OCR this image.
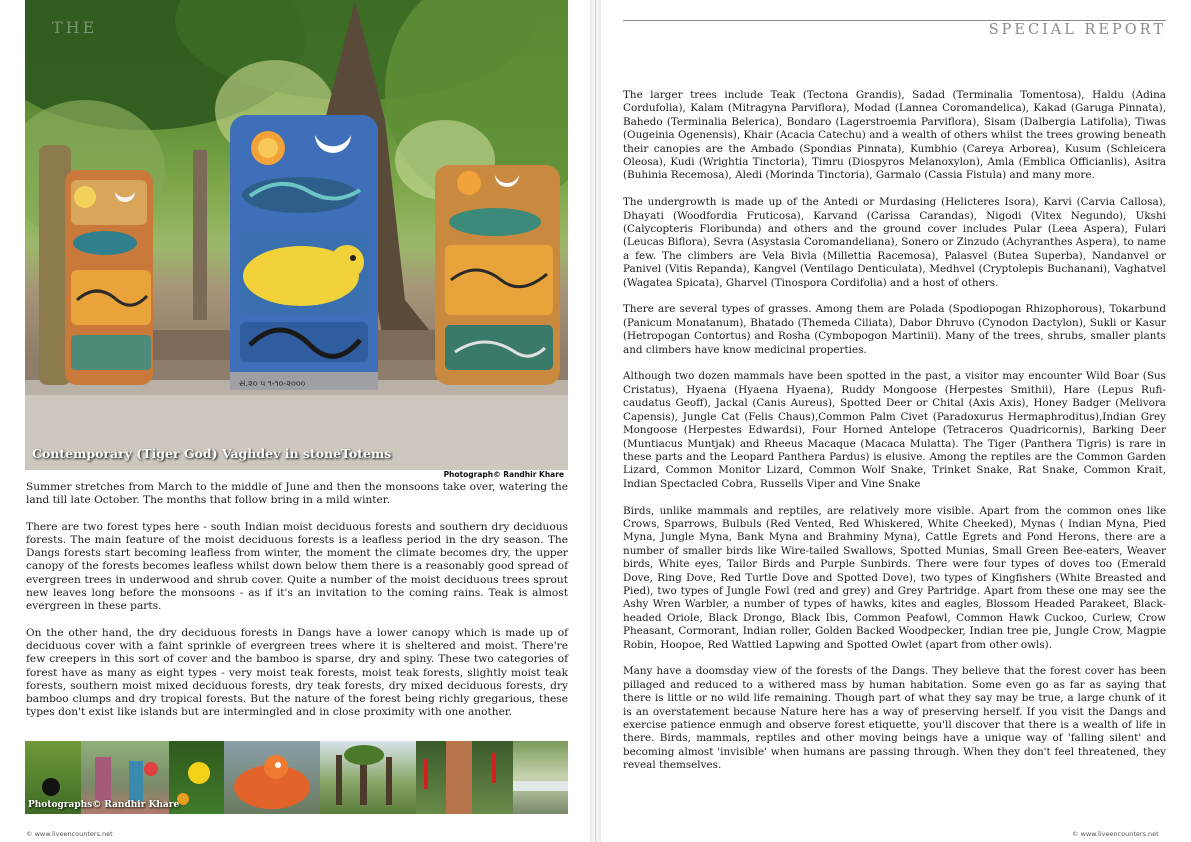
સં.૨૦ ૫ ૧-૧૦-૨૦૦૦
THE
Contemporary (Tiger God) Vaghdev in stoneTotems
Photograph© Randhir Khare

Summer stretches from March to the middle of June and then the monsoons take over, watering the land till late October. The months that follow bring in a mild winter.

There are two forest types here - south Indian moist deciduous forests and southern dry deciduous forests. The main feature of the moist deciduous forests is a leafless period in the dry season. The Dangs forests start becoming leafless from winter, the moment the climate becomes dry, the upper canopy of the forests becomes leafless whilst down below them there is a reasonably good spread of evergreen trees in underwood and shrub cover. Quite a number of the moist deciduous trees sprout new leaves long before the monsoons - as if it's an invitation to the coming rains. Teak is almost evergreen in these parts.

On the other hand, the dry deciduous forests in Dangs have a lower canopy which is made up of deciduous cover with a faint sprinkle of evergreen trees where it is sheltered and moist. There're few creepers in this sort of cover and the bamboo is sparse, dry and spiny. These two categories of forest have as many as eight types - very moist teak forests, moist teak forests, slightly moist teak forests, southern moist mixed deciduous forests, dry teak forests, dry mixed deciduous forests, dry bamboo clumps and dry tropical forests. But the nature of the forest being richly gregarious, these types don't exist like islands but are intermingled and in close proximity with one another.

Photographs© Randhir Khare
© www.liveencounters.net
SPECIAL REPORT

The larger trees include Teak (Tectona Grandis), Sadad (Terminalia Tomentosa), Haldu (Adina Cordufolia), Kalam (Mitragyna Parviflora), Modad (Lannea Coromandelica), Kakad (Garuga Pinnata), Bahedo (Terminalia Belerica), Bondaro (Lagerstroemia Parviflora), Sisam (Dalbergia Latifolia), Tiwas (Ougeinia Ogenensis), Khair (Acacia Catechu) and a wealth of others whilst the trees growing beneath their canopies are the Ambado (Spondias Pinnata), Kumbhio (Careya Arborea), Kusum (Schleicera Oleosa), Kudi (Wrightia Tinctoria), Timru (Diospyros Melanoxylon), Amla (Emblica Officianlis), Asitra (Buhinia Recemosa), Aledi (Morinda Tinctoria), Garmalo (Cassia Fistula) and many more.

The undergrowth is made up of the Antedi or Murdasing (Helicteres Isora), Karvi (Carvia Callosa), Dhayati (Woodfordia Fruticosa), Karvand (Carissa Carandas), Nigodi (Vitex Negundo), Ukshi (Calycopteris Floribunda) and others and the ground cover includes Pular (Leea Aspera), Fulari (Leucas Biflora), Sevra (Asystasia Coromandeliana), Sonero or Zinzudo (Achyranthes Aspera), to name a few. The climbers are Vela Bivla (Millettia Racemosa), Palasvel (Butea Superba), Nandanvel or Panivel (Vitis Repanda), Kangvel (Ventilago Denticulata), Medhvel (Cryptolepis Buchanani), Vaghatvel (Wagatea Spicata), Gharvel (Tinospora Cordifolia) and a host of others.

There are several types of grasses. Among them are Polada (Spodiopogan Rhizophorous), Tokarbund (Panicum Monatanum), Bhatado (Themeda Ciliata), Dabor Dhruvo (Cynodon Dactylon), Sukli or Kasur (Hetropogan Contortus) and Rosha (Cymbopogon Martinii). Many of the trees, shrubs, smaller plants and climbers have know medicinal properties.

Although two dozen mammals have been spotted in the past, a visitor may encounter Wild Boar (Sus Cristatus), Hyaena (Hyaena Hyaena), Ruddy Mongoose (Herpestes Smithii), Hare (Lepus Rufi-caudatus Geoff), Jackal (Canis Aureus), Spotted Deer or Chital (Axis Axis), Honey Badger (Melivora Capensis), Jungle Cat (Felis Chaus),Common Palm Civet (Paradoxurus Hermaphroditus),Indian Grey Mongoose (Herpestes Edwardsi), Four Horned Antelope (Tetraceros Quadricornis), Barking Deer (Muntiacus Muntjak) and Rheeus Macaque (Macaca Mulatta). The Tiger (Panthera Tigris) is rare in these parts and the Leopard Panthera Pardus) is elusive. Among the reptiles are the Common Garden Lizard, Common Monitor Lizard, Common Wolf Snake, Trinket Snake, Rat Snake, Common Krait, Indian Spectacled Cobra, Russells Viper and Vine Snake

Birds, unlike mammals and reptiles, are relatively more visible. Apart from the common ones like Crows, Sparrows, Bulbuls (Red Vented, Red Whiskered, White Cheeked), Mynas ( Indian Myna, Pied Myna, Jungle Myna, Bank Myna and Brahminy Myna), Cattle Egrets and Pond Herons, there are a number of smaller birds like Wire-tailed Swallows, Spotted Munias, Small Green Bee-eaters, Weaver birds, White eyes, Tailor Birds and Purple Sunbirds. There were four types of doves too (Emerald Dove, Ring Dove, Red Turtle Dove and Spotted Dove), two types of Kingfishers (White Breasted and Pied), two types of Jungle Fowl (red and grey) and Grey Partridge. Apart from these one may see the Ashy Wren Warbler, a number of types of hawks, kites and eagles, Blossom Headed Parakeet, Black-headed Oriole, Black Drongo, Black Ibis, Common Peafowl, Common Hawk Cuckoo, Curlew, Crow Pheasant, Cormorant, Indian roller, Golden Backed Woodpecker, Indian tree pie, Jungle Crow, Magpie Robin, Hoopoe, Red Wattled Lapwing and Spotted Owlet (apart from other owls).

Many have a doomsday view of the forests of the Dangs. They believe that the forest cover has been pillaged and reduced to a withered mass by human habitation. Some even go as far as saying that there is little or no wild life remaining. Though part of what they say may be true, a large chunk of it is an overstatement because Nature here has a way of preserving herself. If you visit the Dangs and exercise patience enmugh and observe forest etiquette, you'll discover that there is a wealth of life in there. Birds, mammals, reptiles and other moving beings have a unique way of 'falling silent' and becoming almost 'invisible' when humans are passing through. When they don't feel threatened, they reveal themselves.

© www.liveencounters.net
